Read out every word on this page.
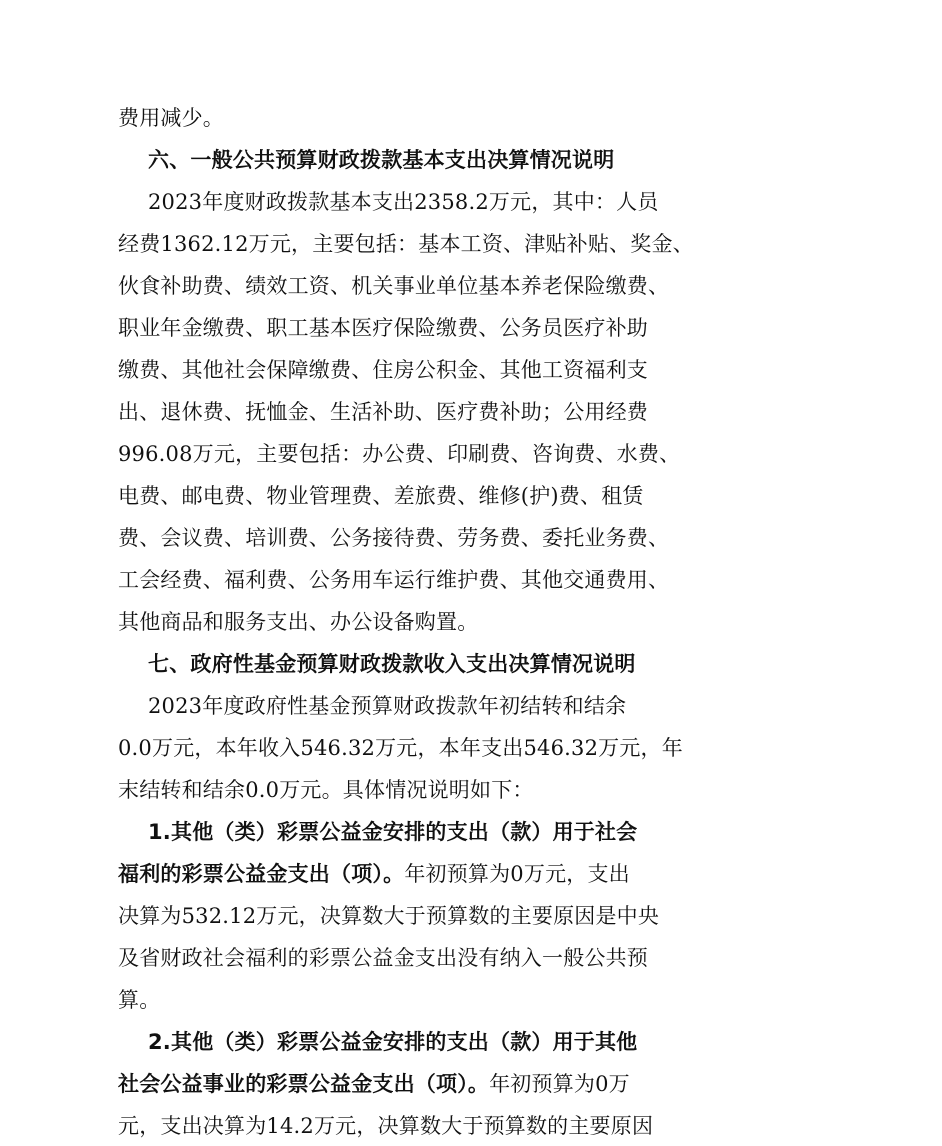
费用减少。
六、一般公共预算财政拨款基本支出决算情况说明
2023年度财政拨款基本支出2358.2万元，其中：人员
经费1362.12万元，主要包括：基本工资、津贴补贴、奖金、
伙食补助费、绩效工资、机关事业单位基本养老保险缴费、
职业年金缴费、职工基本医疗保险缴费、公务员医疗补助
缴费、其他社会保障缴费、住房公积金、其他工资福利支
出、退休费、抚恤金、生活补助、医疗费补助；公用经费
996.08万元，主要包括：办公费、印刷费、咨询费、水费、
电费、邮电费、物业管理费、差旅费、维修(护)费、租赁
费、会议费、培训费、公务接待费、劳务费、委托业务费、
工会经费、福利费、公务用车运行维护费、其他交通费用、
其他商品和服务支出、办公设备购置。
七、政府性基金预算财政拨款收入支出决算情况说明
2023年度政府性基金预算财政拨款年初结转和结余
0.0万元，本年收入546.32万元，本年支出546.32万元，年
末结转和结余0.0万元。具体情况说明如下：
1.其他（类）彩票公益金安排的支出（款）用于社会
福利的彩票公益金支出（项）。年初预算为0万元，支出
决算为532.12万元，决算数大于预算数的主要原因是中央
及省财政社会福利的彩票公益金支出没有纳入一般公共预
算。
2.其他（类）彩票公益金安排的支出（款）用于其他
社会公益事业的彩票公益金支出（项）。年初预算为0万
元，支出决算为14.2万元，决算数大于预算数的主要原因
